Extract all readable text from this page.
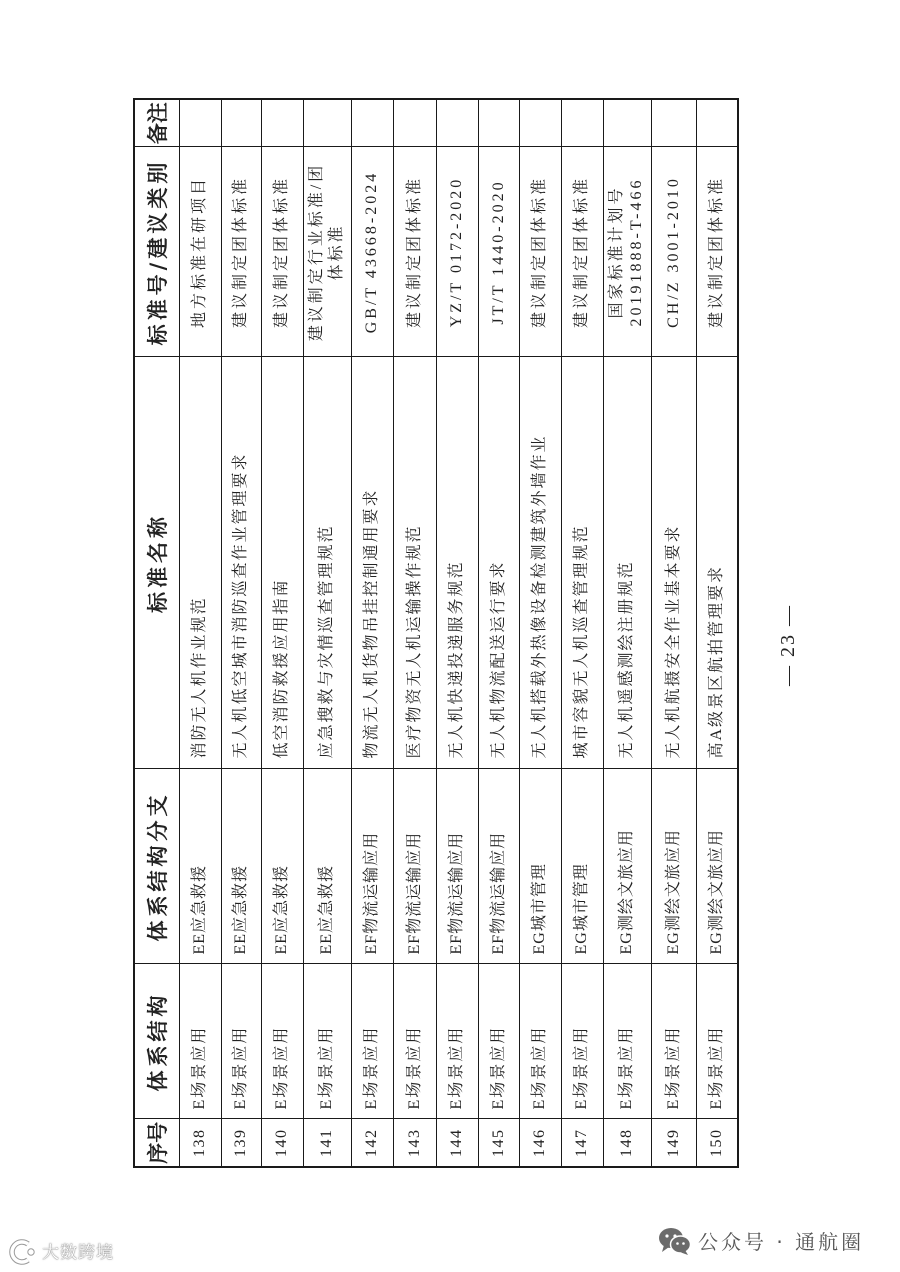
序号	体系结构	体系结构分支	标准名称	标准号/建议类别	备注
138	E场景应用	EE应急救援	消防无人机作业规范	地方标准在研项目	
139	E场景应用	EE应急救援	无人机低空城市消防巡查作业管理要求	建议制定团体标准	
140	E场景应用	EE应急救援	低空消防救援应用指南	建议制定团体标准	
141	E场景应用	EE应急救援	应急搜救与灾情巡查管理规范	建议制定行业标准/团体标准	
142	E场景应用	EF物流运输应用	物流无人机货物吊挂控制通用要求	GB/T 43668-2024	
143	E场景应用	EF物流运输应用	医疗物资无人机运输操作规范	建议制定团体标准	
144	E场景应用	EF物流运输应用	无人机快递投递服务规范	YZ/T 0172-2020	
145	E场景应用	EF物流运输应用	无人机物流配送运行要求	JT/T 1440-2020	
146	E场景应用	EG城市管理	无人机搭载外热像设备检测建筑外墙作业	建议制定团体标准	
147	E场景应用	EG城市管理	城市容貌无人机巡查管理规范	建议制定团体标准	
148	E场景应用	EG测绘文旅应用	无人机遥感测绘注册规范	国家标准计划号 20191888-T-466	
149	E场景应用	EG测绘文旅应用	无人机航摄安全作业基本要求	CH/Z 3001-2010	
150	E场景应用	EG测绘文旅应用	高A级景区航拍管理要求	建议制定团体标准	
— 23 —
公众号 · 通航圈
大数跨境
